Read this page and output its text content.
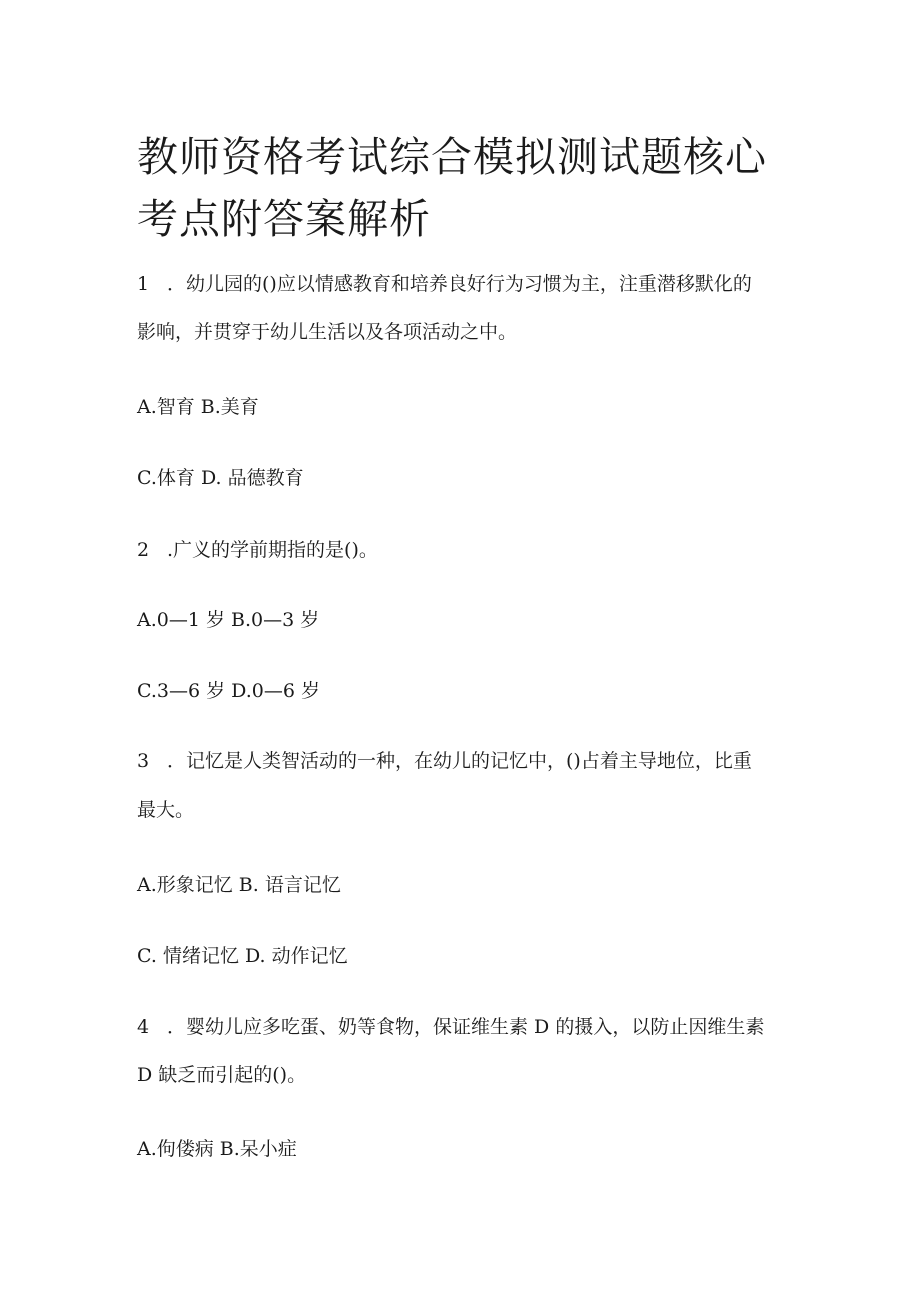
教师资格考试综合模拟测试题核心
考点附答案解析

1 ．幼儿园的()应以情感教育和培养良好行为习惯为主，注重潜移默化的

影响，并贯穿于幼儿生活以及各项活动之中。

A.智育 B.美育

C.体育 D. 品德教育

2 .广义的学前期指的是()。

A.0—1 岁 B.0—3 岁

C.3—6 岁 D.0—6 岁

3 ．记忆是人类智活动的一种，在幼儿的记忆中，()占着主导地位，比重

最大。

A.形象记忆 B. 语言记忆

C. 情绪记忆 D. 动作记忆

4 ．婴幼儿应多吃蛋、奶等食物，保证维生素 D 的摄入，以防止因维生素

D 缺乏而引起的()。

A.佝偻病 B.呆小症
